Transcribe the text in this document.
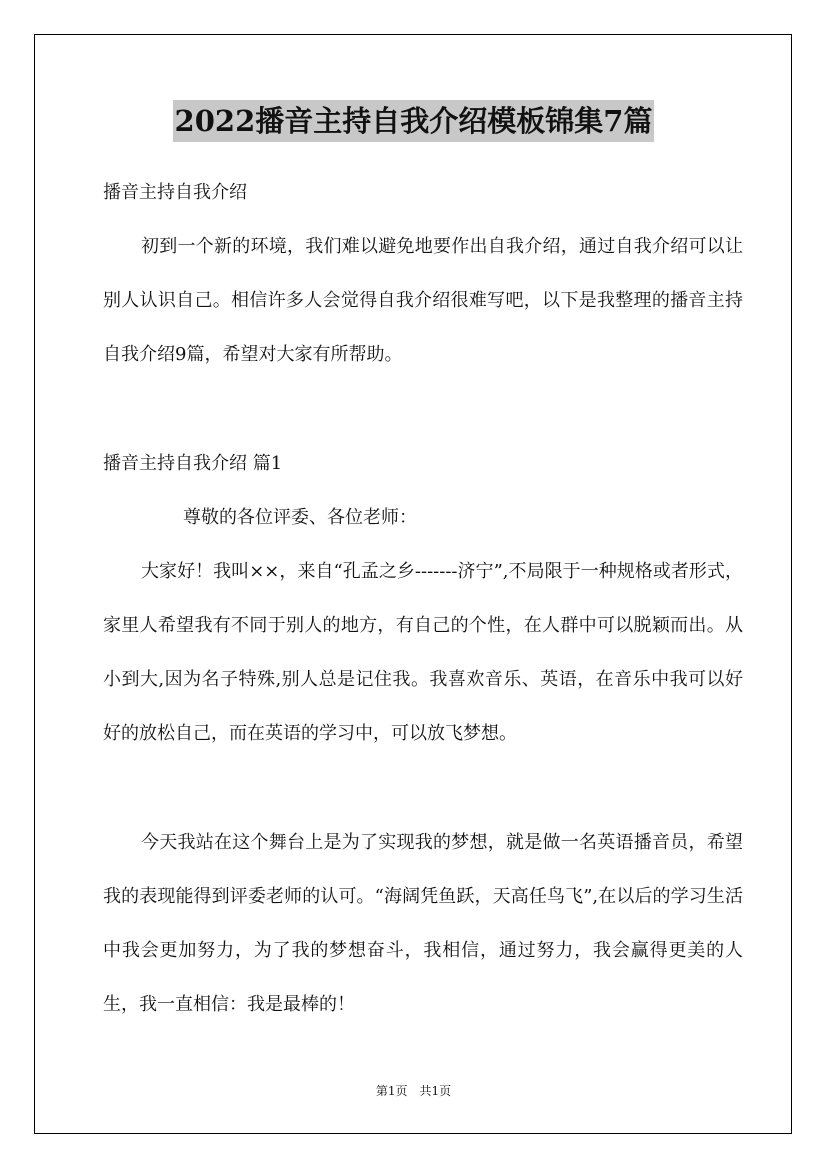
2022播音主持自我介绍模板锦集7篇

播音主持自我介绍

初到一个新的环境，我们难以避免地要作出自我介绍，通过自我介绍可以让别人认识自己。相信许多人会觉得自我介绍很难写吧，以下是我整理的播音主持自我介绍9篇，希望对大家有所帮助。

播音主持自我介绍 篇1

尊敬的各位评委、各位老师：

大家好！我叫××，来自“孔孟之乡-------济宁”,不局限于一种规格或者形式，家里人希望我有不同于别人的地方，有自己的个性，在人群中可以脱颖而出。从小到大,因为名子特殊,别人总是记住我。我喜欢音乐、英语，在音乐中我可以好好的放松自己，而在英语的学习中，可以放飞梦想。

今天我站在这个舞台上是为了实现我的梦想，就是做一名英语播音员，希望我的表现能得到评委老师的认可。“海阔凭鱼跃，天高任鸟飞”,在以后的学习生活中我会更加努力，为了我的梦想奋斗，我相信，通过努力，我会赢得更美的人生，我一直相信：我是最棒的！

第1页　共1页
